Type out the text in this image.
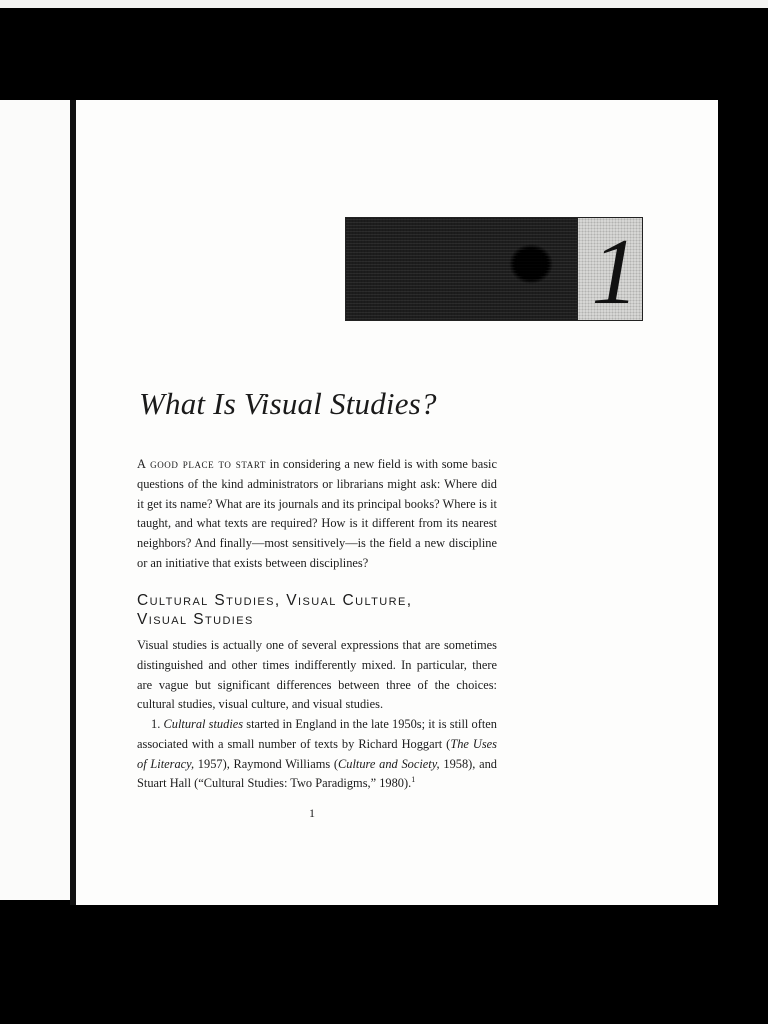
1
What Is Visual Studies?

A good place to start in considering a new field is with some basic questions of the kind administrators or librarians might ask: Where did it get its name? What are its journals and its principal books? Where is it taught, and what texts are required? How is it different from its nearest neighbors? And finally—most sensitively—is the field a new discipline or an initiative that exists between disciplines?

Cultural Studies, Visual Culture,
Visual Studies

Visual studies is actually one of several expressions that are sometimes distinguished and other times indifferently mixed. In particular, there are vague but significant differences between three of the choices: cultural studies, visual culture, and visual studies.

1. Cultural studies started in England in the late 1950s; it is still often associated with a small number of texts by Richard Hoggart (The Uses of Literacy, 1957), Raymond Williams (Culture and Society, 1958), and Stuart Hall (“Cultural Studies: Two Paradigms,” 1980).$^1$

1
